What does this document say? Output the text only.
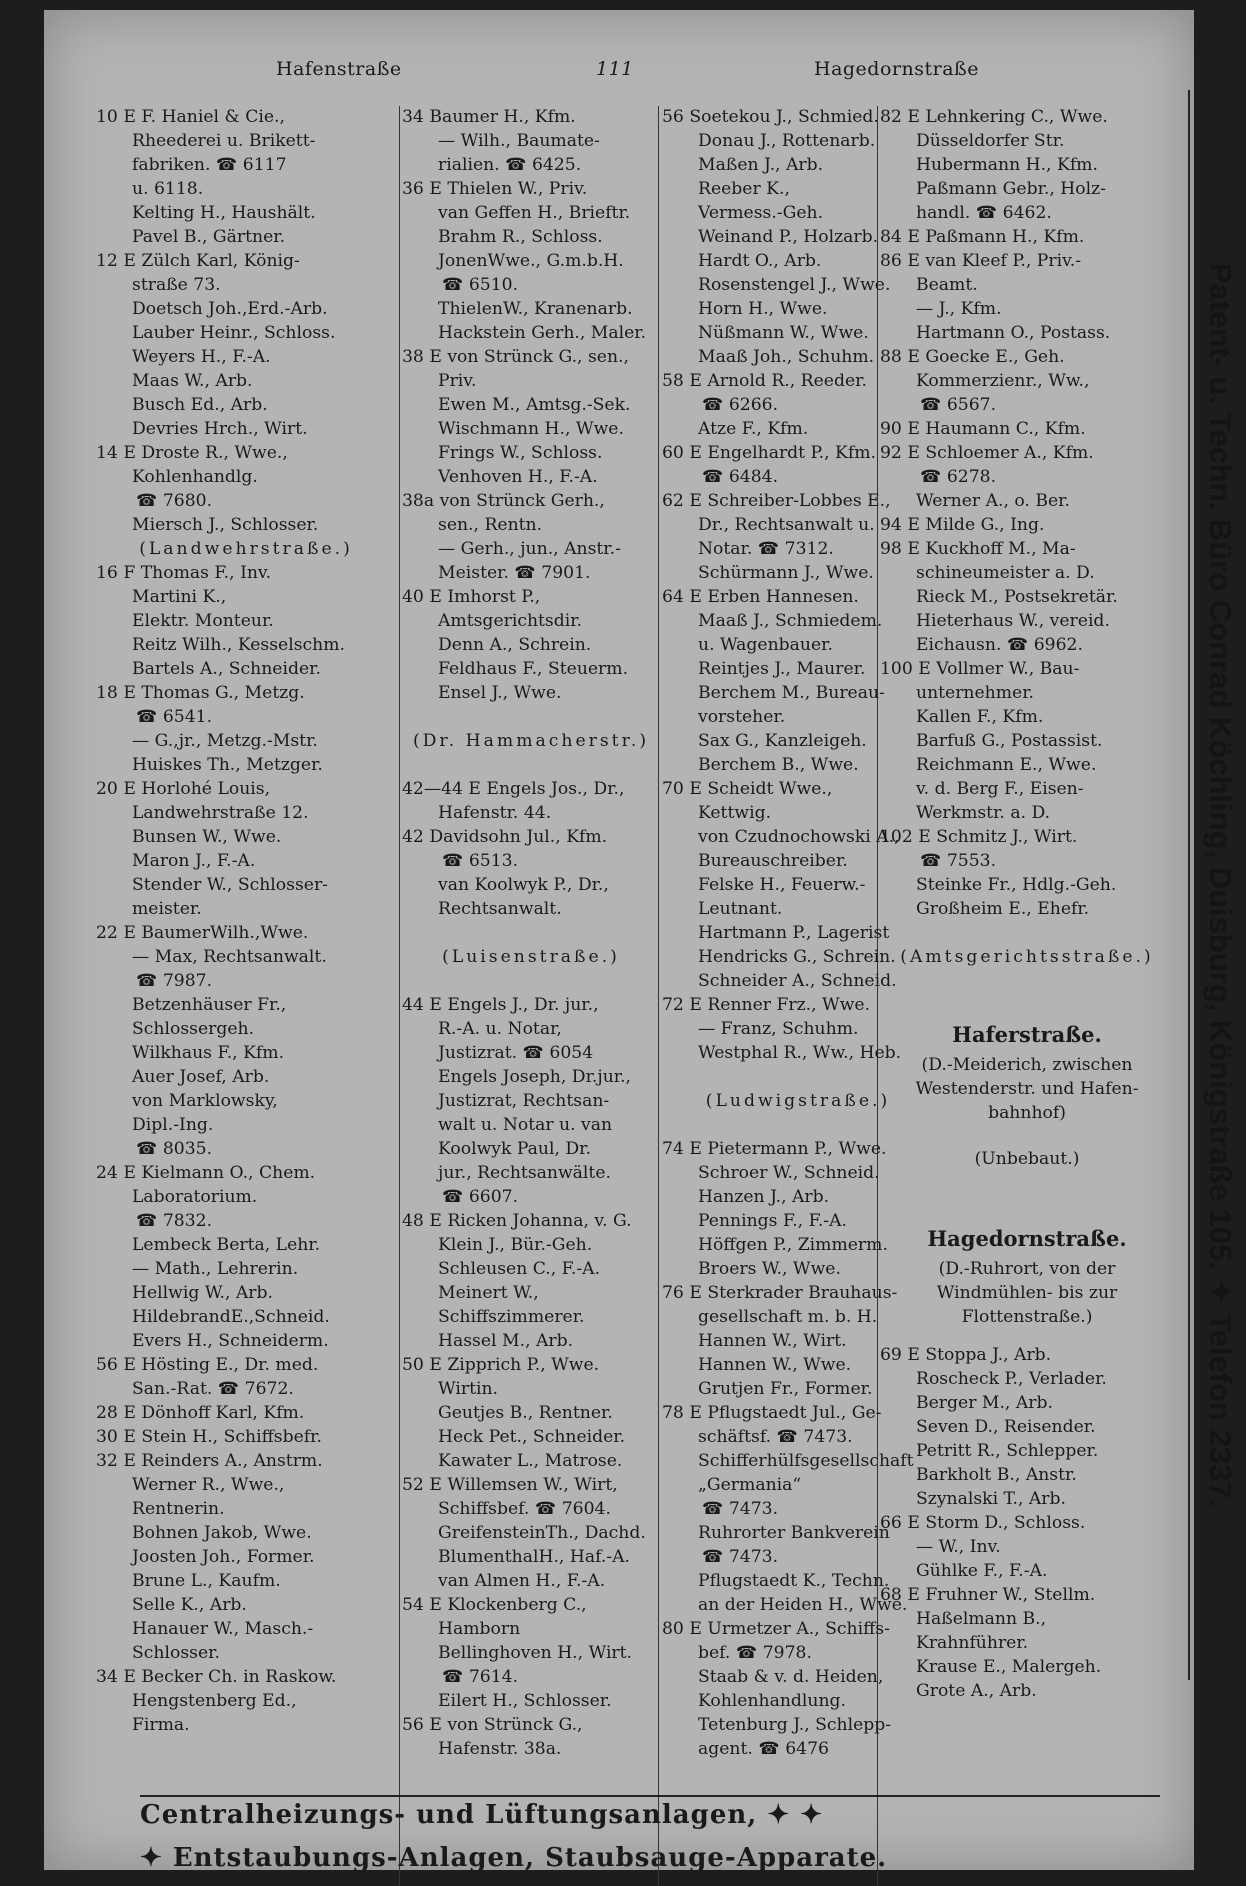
Hafenstraße	111	Hagedornstraße
10 E F. Haniel & Cie.,
Rheederei u. Brikett-
fabriken. ☎ 6117
u. 6118.
Kelting H., Haushält.
Pavel B., Gärtner.
12 E Zülch Karl, König-
straße 73.
Doetsch Joh.,Erd.-Arb.
Lauber Heinr., Schloss.
Weyers H., F.-A.
Maas W., Arb.
Busch Ed., Arb.
Devries Hrch., Wirt.
14 E Droste R., Wwe.,
Kohlenhandlg.
☎ 7680.
Miersch J., Schlosser.
(Landwehrstraße.)
16 F Thomas F., Inv.
Martini K.,
Elektr. Monteur.
Reitz Wilh., Kesselschm.
Bartels A., Schneider.
18 E Thomas G., Metzg.
☎ 6541.
— G.,jr., Metzg.-Mstr.
Huiskes Th., Metzger.
20 E Horlohé Louis,
Landwehrstraße 12.
Bunsen W., Wwe.
Maron J., F.-A.
Stender W., Schlosser-
meister.
22 E BaumerWilh.,Wwe.
— Max, Rechtsanwalt.
☎ 7987.
Betzenhäuser Fr.,
Schlossergeh.
Wilkhaus F., Kfm.
Auer Josef, Arb.
von Marklowsky,
Dipl.-Ing.
☎ 8035.
24 E Kielmann O., Chem.
Laboratorium.
☎ 7832.
Lembeck Berta, Lehr.
— Math., Lehrerin.
Hellwig W., Arb.
HildebrandE.,Schneid.
Evers H., Schneiderm.
56 E Hösting E., Dr. med.
San.-Rat. ☎ 7672.
28 E Dönhoff Karl, Kfm.
30 E Stein H., Schiffsbefr.
32 E Reinders A., Anstrm.
Werner R., Wwe.,
Rentnerin.
Bohnen Jakob, Wwe.
Joosten Joh., Former.
Brune L., Kaufm.
Selle K., Arb.
Hanauer W., Masch.-
Schlosser.
34 E Becker Ch. in Raskow.
Hengstenberg Ed.,
Firma.
34 Baumer H., Kfm.
— Wilh., Baumate-
rialien. ☎ 6425.
36 E Thielen W., Priv.
van Geffen H., Brieftr.
Brahm R., Schloss.
JonenWwe., G.m.b.H.
☎ 6510.
ThielenW., Kranenarb.
Hackstein Gerh., Maler.
38 E von Strünck G., sen.,
Priv.
Ewen M., Amtsg.-Sek.
Wischmann H., Wwe.
Frings W., Schloss.
Venhoven H., F.-A.
38a von Strünck Gerh.,
sen., Rentn.
— Gerh., jun., Anstr.-
Meister. ☎ 7901.
40 E Imhorst P.,
Amtsgerichtsdir.
Denn A., Schrein.
Feldhaus F., Steuerm.
Ensel J., Wwe.
(Dr. Hammacherstr.)
42—44 E Engels Jos., Dr.,
Hafenstr. 44.
42 Davidsohn Jul., Kfm.
☎ 6513.
van Koolwyk P., Dr.,
Rechtsanwalt.
(Luisenstraße.)
44 E Engels J., Dr. jur.,
R.-A. u. Notar,
Justizrat. ☎ 6054
Engels Joseph, Dr.jur.,
Justizrat, Rechtsan-
walt u. Notar u. van
Koolwyk Paul, Dr.
jur., Rechtsanwälte.
☎ 6607.
48 E Ricken Johanna, v. G.
Klein J., Bür.-Geh.
Schleusen C., F.-A.
Meinert W.,
Schiffszimmerer.
Hassel M., Arb.
50 E Zipprich P., Wwe.
Wirtin.
Geutjes B., Rentner.
Heck Pet., Schneider.
Kawater L., Matrose.
52 E Willemsen W., Wirt,
Schiffsbef. ☎ 7604.
GreifensteinTh., Dachd.
BlumenthalH., Haf.-A.
van Almen H., F.-A.
54 E Klockenberg C.,
Hamborn
Bellinghoven H., Wirt.
☎ 7614.
Eilert H., Schlosser.
56 E von Strünck G.,
Hafenstr. 38a.
56 Soetekou J., Schmied.
Donau J., Rottenarb.
Maßen J., Arb.
Reeber K.,
Vermess.-Geh.
Weinand P., Holzarb.
Hardt O., Arb.
Rosenstengel J., Wwe.
Horn H., Wwe.
Nüßmann W., Wwe.
Maaß Joh., Schuhm.
58 E Arnold R., Reeder.
☎ 6266.
Atze F., Kfm.
60 E Engelhardt P., Kfm.
☎ 6484.
62 E Schreiber-Lobbes E.,
Dr., Rechtsanwalt u.
Notar. ☎ 7312.
Schürmann J., Wwe.
64 E Erben Hannesen.
Maaß J., Schmiedem.
u. Wagenbauer.
Reintjes J., Maurer.
Berchem M., Bureau-
vorsteher.
Sax G., Kanzleigeh.
Berchem B., Wwe.
70 E Scheidt Wwe.,
Kettwig.
von Czudnochowski A.,
Bureauschreiber.
Felske H., Feuerw.-
Leutnant.
Hartmann P., Lagerist
Hendricks G., Schrein.
Schneider A., Schneid.
72 E Renner Frz., Wwe.
— Franz, Schuhm.
Westphal R., Ww., Heb.
(Ludwigstraße.)
74 E Pietermann P., Wwe.
Schroer W., Schneid.
Hanzen J., Arb.
Pennings F., F.-A.
Höffgen P., Zimmerm.
Broers W., Wwe.
76 E Sterkrader Brauhaus-
gesellschaft m. b. H.
Hannen W., Wirt.
Hannen W., Wwe.
Grutjen Fr., Former.
78 E Pflugstaedt Jul., Ge-
schäftsf. ☎ 7473.
Schifferhülfsgesellschaft
„Germania“
☎ 7473.
Ruhrorter Bankverein
☎ 7473.
Pflugstaedt K., Techn.
an der Heiden H., Wwe.
80 E Urmetzer A., Schiffs-
bef. ☎ 7978.
Staab & v. d. Heiden,
Kohlenhandlung.
Tetenburg J., Schlepp-
agent. ☎ 6476
82 E Lehnkering C., Wwe.
Düsseldorfer Str.
Hubermann H., Kfm.
Paßmann Gebr., Holz-
handl. ☎ 6462.
84 E Paßmann H., Kfm.
86 E van Kleef P., Priv.-
Beamt.
— J., Kfm.
Hartmann O., Postass.
88 E Goecke E., Geh.
Kommerzienr., Ww.,
☎ 6567.
90 E Haumann C., Kfm.
92 E Schloemer A., Kfm.
☎ 6278.
Werner A., o. Ber.
94 E Milde G., Ing.
98 E Kuckhoff M., Ma-
schineumeister a. D.
Rieck M., Postsekretär.
Hieterhaus W., vereid.
Eichausn. ☎ 6962.
100 E Vollmer W., Bau-
unternehmer.
Kallen F., Kfm.
Barfuß G., Postassist.
Reichmann E., Wwe.
v. d. Berg F., Eisen-
Werkmstr. a. D.
102 E Schmitz J., Wirt.
☎ 7553.
Steinke Fr., Hdlg.-Geh.
Großheim E., Ehefr.
(Amtsgerichtsstraße.)
Haferstraße.
(D.-Meiderich, zwischen
Westenderstr. und Hafen-
bahnhof)
(Unbebaut.)
Hagedornstraße.
(D.-Ruhrort, von der
Windmühlen- bis zur
Flottenstraße.)
69 E Stoppa J., Arb.
Roscheck P., Verlader.
Berger M., Arb.
Seven D., Reisender.
Petritt R., Schlepper.
Barkholt B., Anstr.
Szynalski T., Arb.
66 E Storm D., Schloss.
— W., Inv.
Gühlke F., F.-A.
68 E Fruhner W., Stellm.
Haßelmann B.,
Krahnführer.
Krause E., Malergeh.
Grote A., Arb.
Centralheizungs- und Lüftungsanlagen, ✦ ✦
✦ Entstaubungs-Anlagen, Staubsauge-Apparate.
Patent- u. Techn. Büro Conrad Köchling, Duisburg, Königstraße 105. ✦ Telefon 2337.
